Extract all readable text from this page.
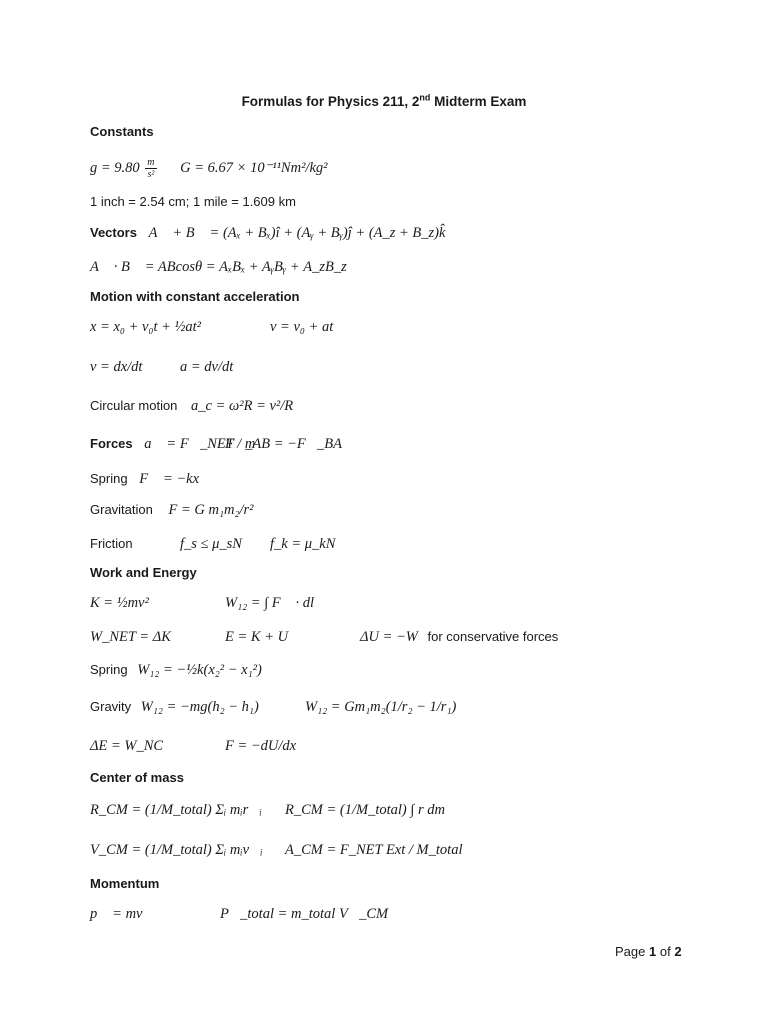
Formulas for Physics 211, 2nd Midterm Exam
Constants
$g = 9.80 \frac{m}{\text{s²}}$ G = 6.67 × 10⁻¹¹Nm²/kg²
1 inch = 2.54 cm; 1 mile = 1.609 km
Vectors A⃗ + B⃗ = (Aₓ + Bₓ)î + (Aᵧ + Bᵧ)ĵ + (A_z + B_z)k̂
A⃗ · B⃗ = ABcosθ = AₓBₓ + AᵧBᵧ + A_zB_z
Motion with constant acceleration
x = x₀ + v₀t + ½at²	v = v₀ + at
v = dx/dt	a = dv/dt
Circular motion a_c = ω²R = v²/R
Forces a⃗ = F⃗_NET / m
F⃗_AB = −F⃗_BA
Spring F⃗ = −kx⃗
Gravitation F = G m₁m₂/r²
Friction	f_s ≤ μ_sN f_k = μ_kN
Work and Energy
K = ½mv²	W₁₂ = ∫ F⃗ · dl⃗
W_NET = ΔK	E = K + U	ΔU = −W for conservative forces
Spring W₁₂ = −½k(x₂² − x₁²)
Gravity W₁₂ = −mg(h₂ − h₁)	W₁₂ = Gm₁m₂(1/r₂ − 1/r₁)
ΔE = W_NC	F = −dU/dx
Center of mass
R_CM = (1/M_total) Σᵢ mᵢr⃗ᵢ R_CM = (1/M_total) ∫ r dm
V_CM = (1/M_total) Σᵢ mᵢv⃗ᵢ A_CM = F_NET Ext / M_total
Momentum
p⃗ = mv⃗	P⃗_total = m_total V⃗_CM
Page 1 of 2
